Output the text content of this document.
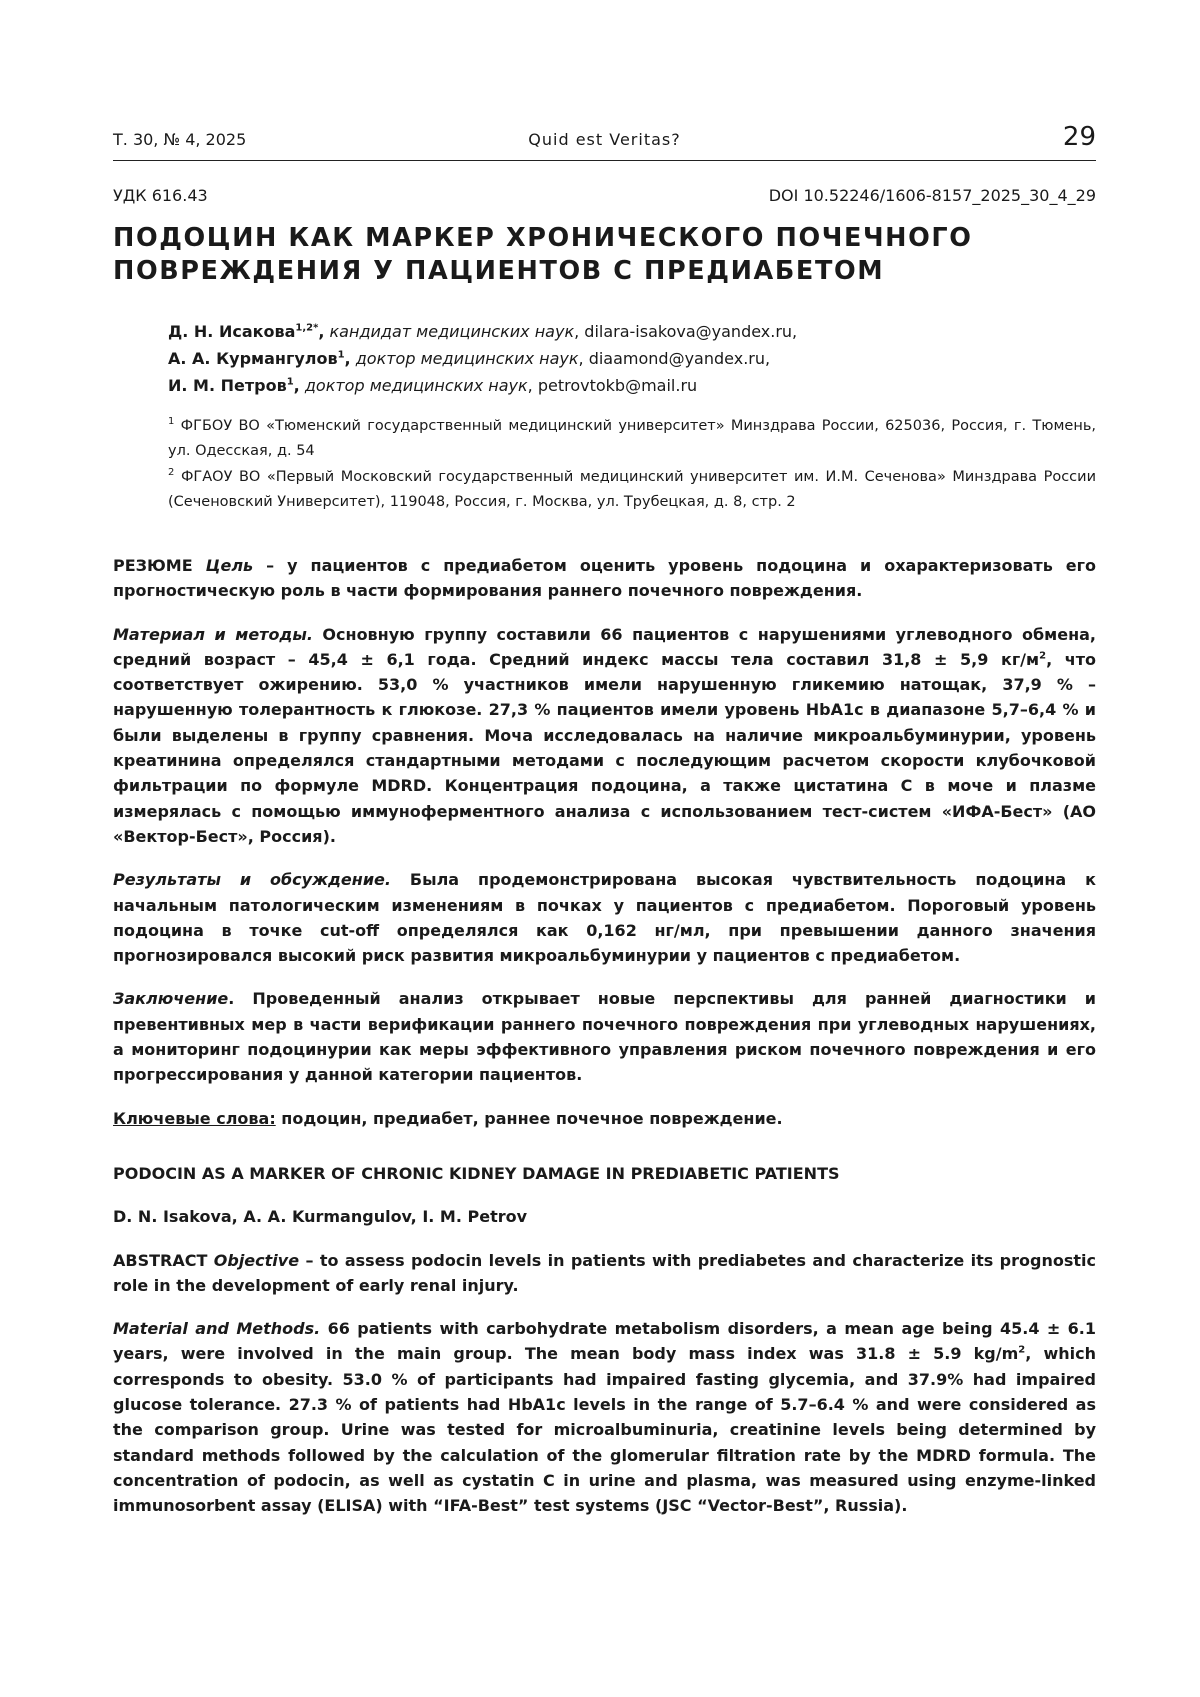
Т. 30, № 4, 2025	Quid est Veritas?	29
УДК 616.43	DOI 10.52246/1606-8157_2025_30_4_29
ПОДОЦИН КАК МАРКЕР ХРОНИЧЕСКОГО ПОЧЕЧНОГО
ПОВРЕЖДЕНИЯ У ПАЦИЕНТОВ С ПРЕДИАБЕТОМ
Д. Н. Исакова$^{1,2*}$, кандидат медицинских наук, dilara-isakova@yandex.ru,
А. А. Курмангулов$^1$, доктор медицинских наук, diaamond@yandex.ru,
И. М. Петров$^1$, доктор медицинских наук, petrovtokb@mail.ru

$^1$ ФГБОУ ВО «Тюменский государственный медицинский университет» Минздрава России, 625036, Россия, г. Тюмень, ул. Одесская, д. 54

$^2$ ФГАОУ ВО «Первый Московский государственный медицинский университет им. И.М. Сеченова» Минздрава России (Сеченовский Университет), 119048, Россия, г. Москва, ул. Трубецкая, д. 8, стр. 2

РЕЗЮМЕ Цель – у пациентов с предиабетом оценить уровень подоцина и охарактеризовать его прогностическую роль в части формирования раннего почечного повреждения.

Материал и методы. Основную группу составили 66 пациентов с нарушениями углеводного обмена, средний возраст – 45,4 ± 6,1 года. Средний индекс массы тела составил 31,8 ± 5,9 $кг/м^2$, что соответствует ожирению. 53,0 % участников имели нарушенную гликемию натощак, 37,9 % – нарушенную толерантность к глюкозе. 27,3 % пациентов имели уровень HbA1c в диапазоне 5,7–6,4 % и были выделены в группу сравнения. Моча исследовалась на наличие микроальбуминурии, уровень креатинина определялся стандартными методами с последующим расчетом скорости клубочковой фильтрации по формуле MDRD. Концентрация подоцина, а также цистатина С в моче и плазме измерялась с помощью иммуноферментного анализа с использованием тест-систем «ИФА-Бест» (АО «Вектор-Бест», Россия).

Результаты и обсуждение. Была продемонстрирована высокая чувствительность подоцина к начальным патологическим изменениям в почках у пациентов с предиабетом. Пороговый уровень подоцина в точке cut-off определялся как 0,162 нг/мл, при превышении данного значения прогнозировался высокий риск развития микроальбуминурии у пациентов с предиабетом.

Заключение. Проведенный анализ открывает новые перспективы для ранней диагностики и превентивных мер в части верификации раннего почечного повреждения при углеводных нарушениях, а мониторинг подоцинурии как меры эффективного управления риском почечного повреждения и его прогрессирования у данной категории пациентов.

Ключевые слова: подоцин, предиабет, раннее почечное повреждение.

PODOCIN AS A MARKER OF CHRONIC KIDNEY DAMAGE IN PREDIABETIC PATIENTS

D. N. Isakova, A. A. Kurmangulov, I. M. Petrov

ABSTRACT Objective – to assess podocin levels in patients with prediabetes and characterize its prognostic role in the development of early renal injury.

Material and Methods. 66 patients with carbohydrate metabolism disorders, a mean age being 45.4 ± 6.1 years, were involved in the main group. The mean body mass index was 31.8 ± 5.9 $kg/m^2$, which corresponds to obesity. 53.0 % of participants had impaired fasting glycemia, and 37.9% had impaired glucose tolerance. 27.3 % of patients had HbA1c levels in the range of 5.7–6.4 % and were considered as the comparison group. Urine was tested for microalbuminuria, creatinine levels being determined by standard methods followed by the calculation of the glomerular filtration rate by the MDRD formula. The concentration of podocin, as well as cystatin C in urine and plasma, was measured using enzyme-linked immunosorbent assay (ELISA) with “IFA-Best” test systems (JSC “Vector-Best”, Russia).
